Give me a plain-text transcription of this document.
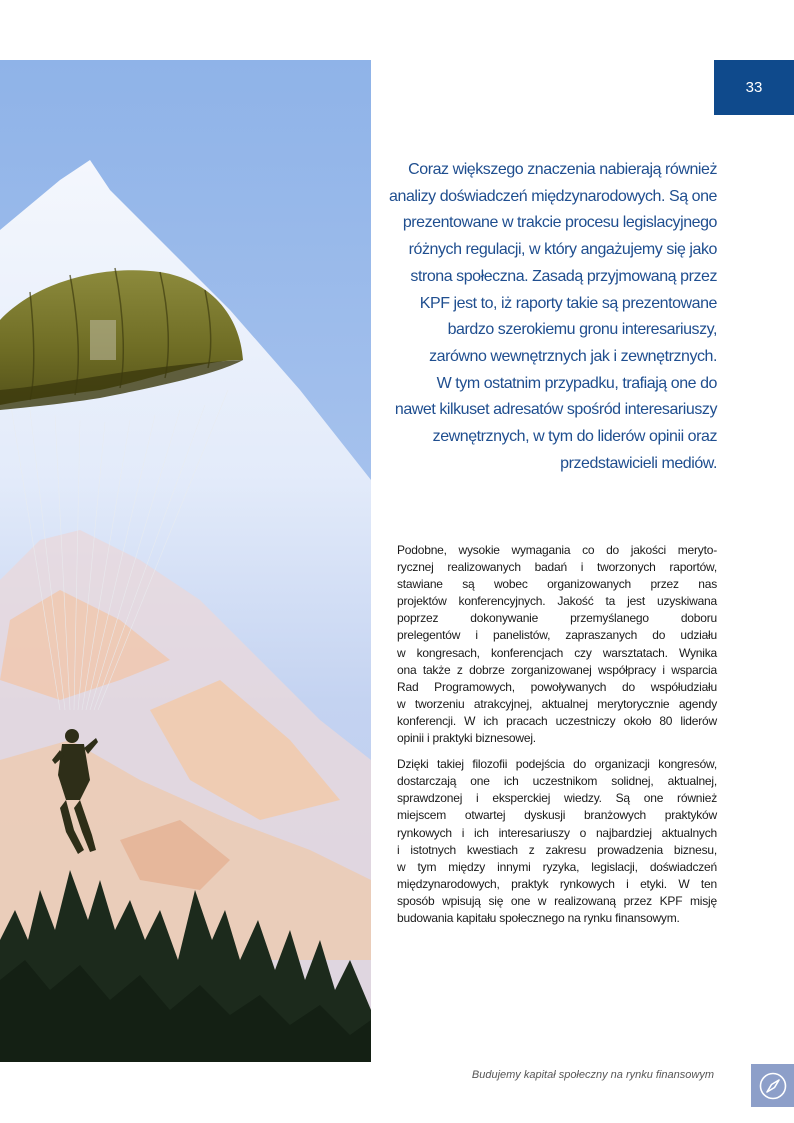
33
Coraz większego znaczenia nabierają również
analizy doświadczeń międzynarodowych. Są one
prezentowane w trakcie procesu legislacyjnego
różnych regulacji, w który angażujemy się jako
strona społeczna. Zasadą przyjmowaną przez
KPF jest to, iż raporty takie są prezentowane
bardzo szerokiemu gronu interesariuszy,
zarówno wewnętrznych jak i zewnętrznych.
W tym ostatnim przypadku, trafiają one do
nawet kilkuset adresatów spośród interesariuszy
zewnętrznych, w tym do liderów opinii oraz
przedstawicieli mediów.

Podobne, wysokie wymagania co do jakości meryto-
rycznej realizowanych badań i tworzonych raportów,
stawiane są wobec organizowanych przez nas
projektów konferencyjnych. Jakość ta jest uzyskiwana
poprzez dokonywanie przemyślanego doboru
prelegentów i panelistów, zapraszanych do udziału
w kongresach, konferencjach czy warsztatach. Wynika
ona także z dobrze zorganizowanej współpracy i wsparcia
Rad Programowych, powoływanych do współudziału
w tworzeniu atrakcyjnej, aktualnej merytorycznie agendy
konferencji. W ich pracach uczestniczy około 80 liderów
opinii i praktyki biznesowej.

Dzięki takiej filozofii podejścia do organizacji kongresów,
dostarczają one ich uczestnikom solidnej, aktualnej,
sprawdzonej i eksperckiej wiedzy. Są one również
miejscem otwartej dyskusji branżowych praktyków
rynkowych i ich interesariuszy o najbardziej aktualnych
i istotnych kwestiach z zakresu prowadzenia biznesu,
w tym między innymi ryzyka, legislacji, doświadczeń
międzynarodowych, praktyk rynkowych i etyki. W ten
sposób wpisują się one w realizowaną przez KPF misję
budowania kapitału społecznego na rynku finansowym.

Budujemy kapitał społeczny na rynku finansowym
